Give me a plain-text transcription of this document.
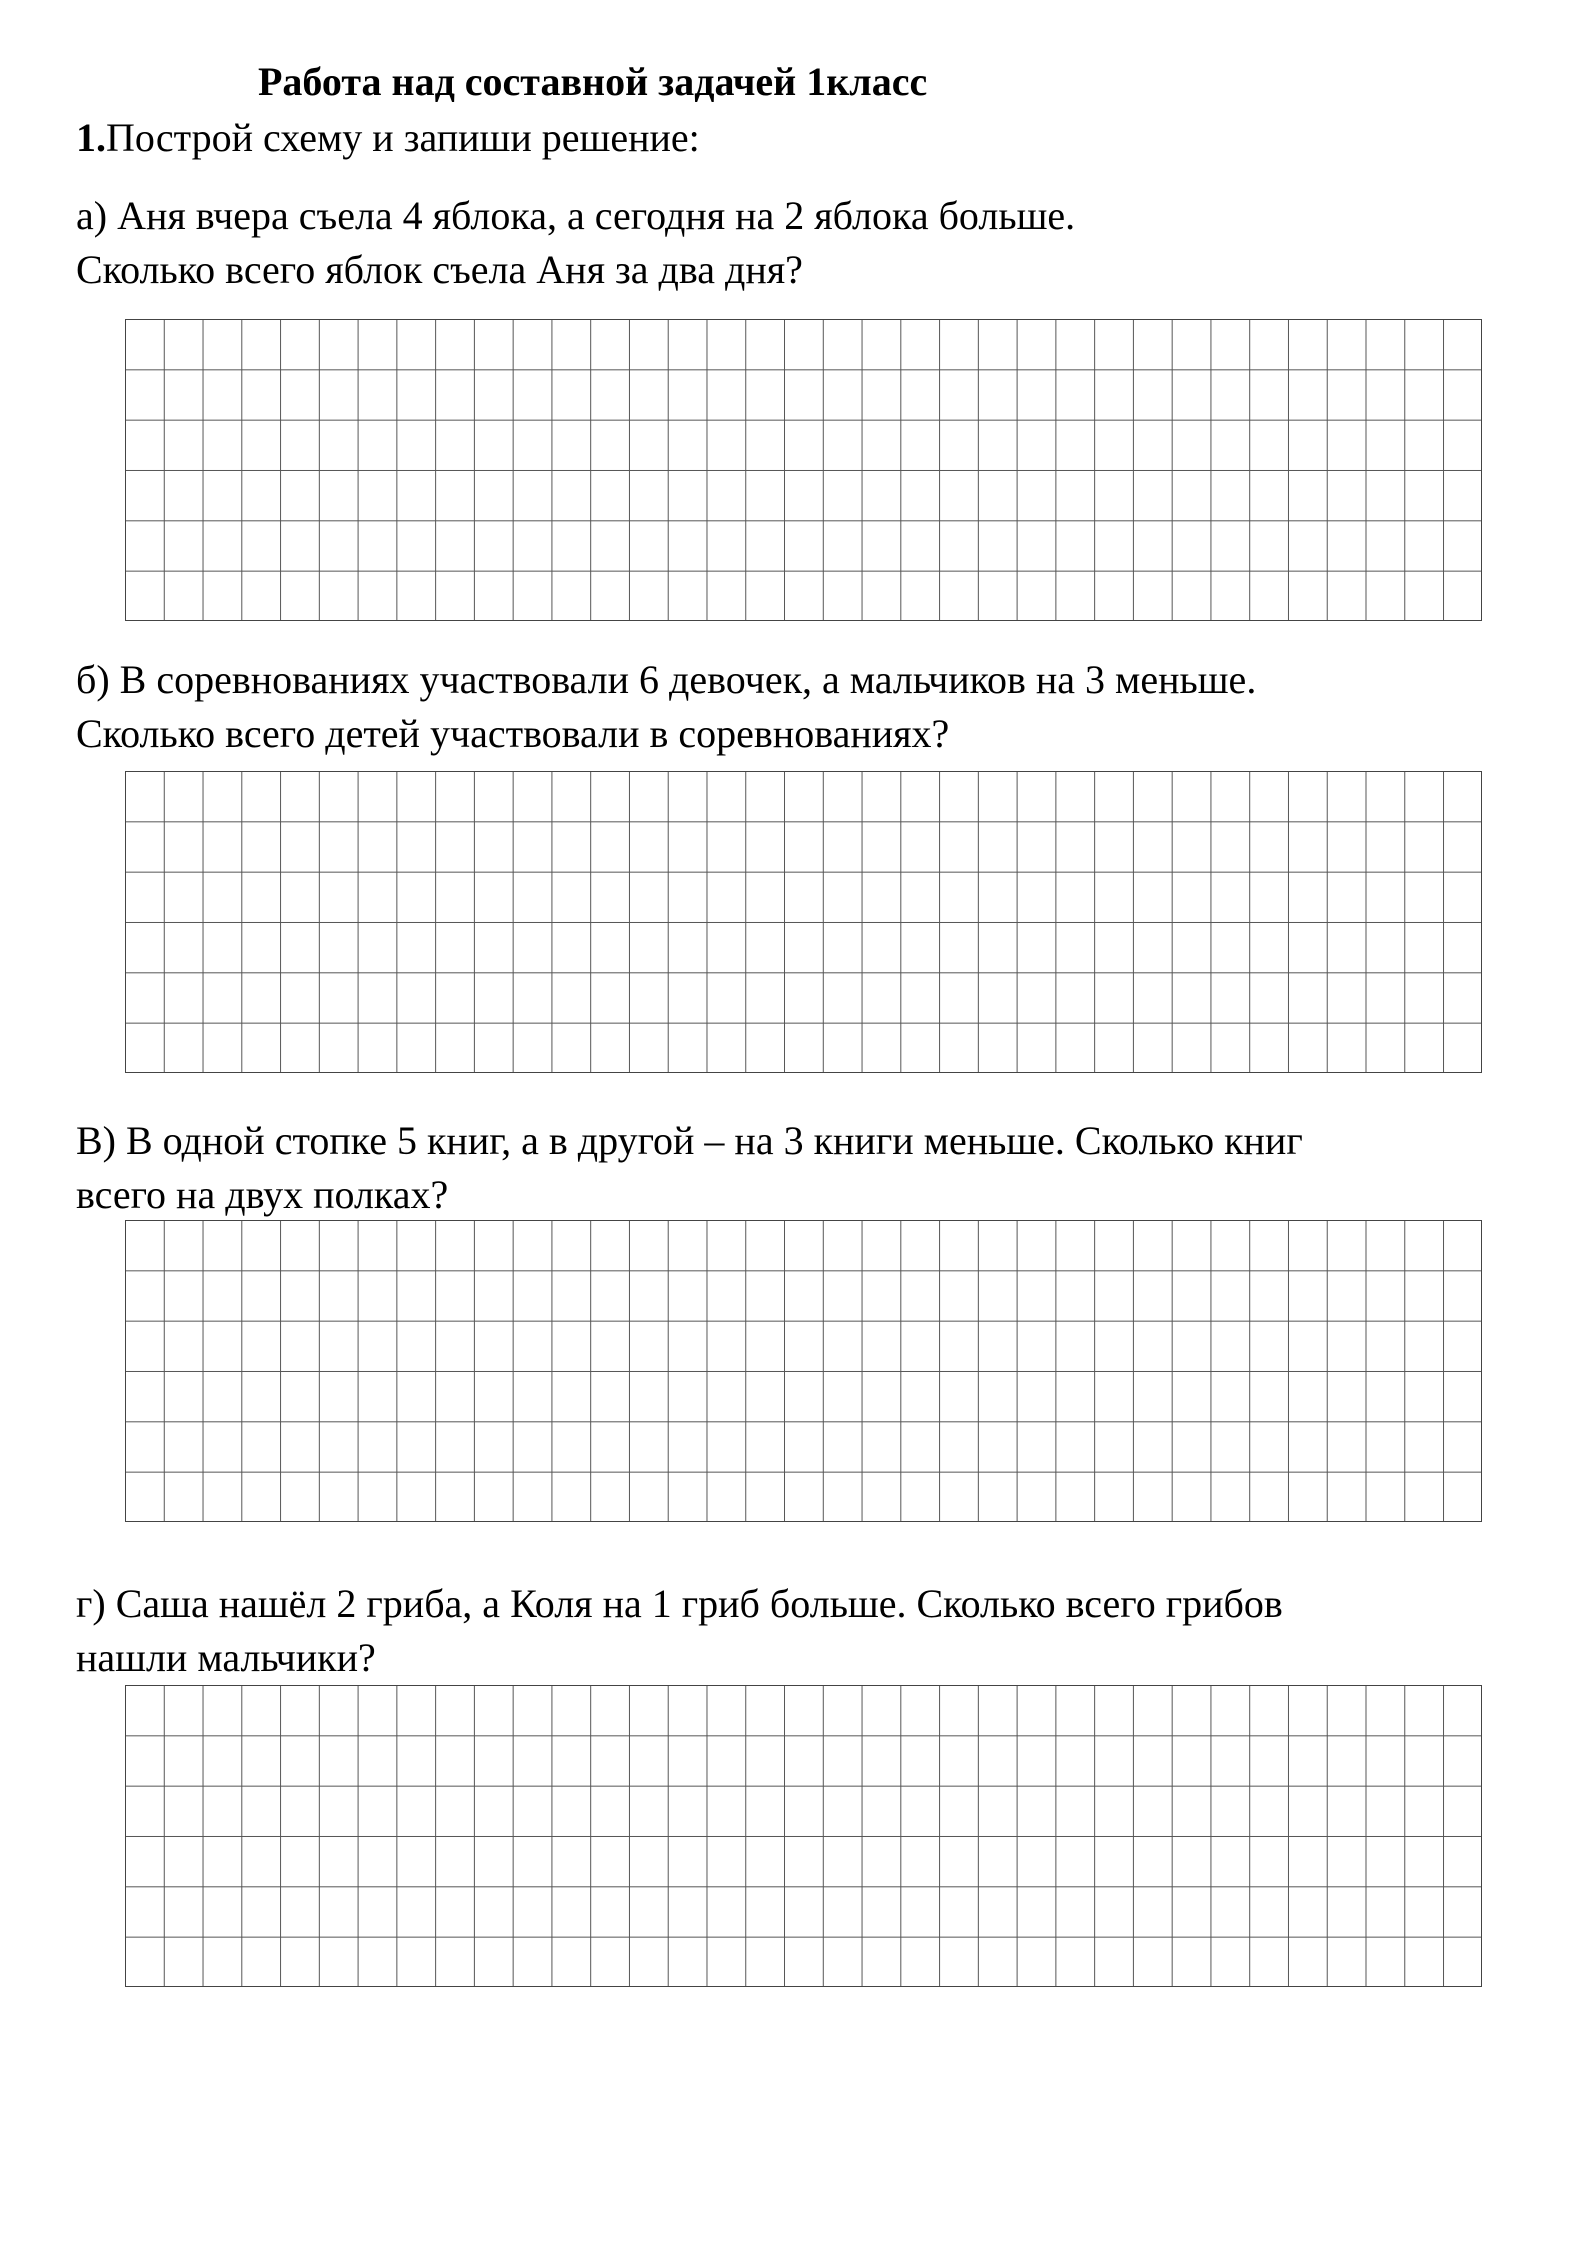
Работа над составной задачей 1класс
1.Построй схему и запиши решение:
а) Аня вчера съела 4 яблока, а сегодня на 2 яблока больше.
Сколько всего яблок съела Аня за два дня?
б) В соревнованиях участвовали 6 девочек, а мальчиков на 3 меньше.
Сколько всего детей участвовали в соревнованиях?
В) В одной стопке 5 книг, а в другой – на 3 книги меньше. Сколько книг
всего на двух полках?
г) Саша нашёл 2 гриба, а Коля на 1 гриб больше. Сколько всего грибов
нашли мальчики?
